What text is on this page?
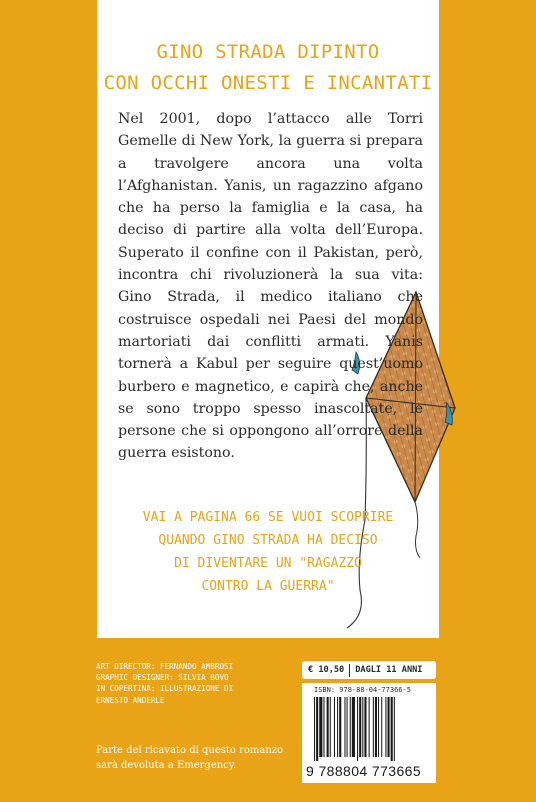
GINO STRADA DIPINTO
CON OCCHI ONESTI E INCANTATI
Nel 2001, dopo l’attacco alle Torri Gemelle di New York, la guerra si prepara a travolgere ancora una volta l’Afghanistan. Yanis, un ragazzino afgano che ha perso la famiglia e la casa, ha deciso di partire alla volta dell’Europa. Superato il confine con il Pakistan, però, incontra chi rivoluzionerà la sua vita: Gino Strada, il medico italiano che costruisce ospedali nei Paesi del mondo martoriati dai conflitti armati. Yanis tornerà a Kabul per seguire quest’uomo burbero e magnetico, e capirà che, anche se sono troppo spesso inascoltate, le persone che si oppongono all’orrore della guerra esistono.
VAI A PAGINA 66 SE VUOI SCOPRIRE
QUANDO GINO STRADA HA DECISO
DI DIVENTARE UN "RAGAZZO
CONTRO LA GUERRA"
ART DIRECTOR: FERNANDO AMBROSI
GRAPHIC DESIGNER: SILVIA BOVO
IN COPERTINA: ILLUSTRAZIONE DI
ERNESTO ANDERLE
Parte del ricavato di questo romanzo sarà devoluta a Emergency.
€ 10,50	DAGLI 11 ANNI
ISBN: 978-88-04-77366-5
9 788804 773665
